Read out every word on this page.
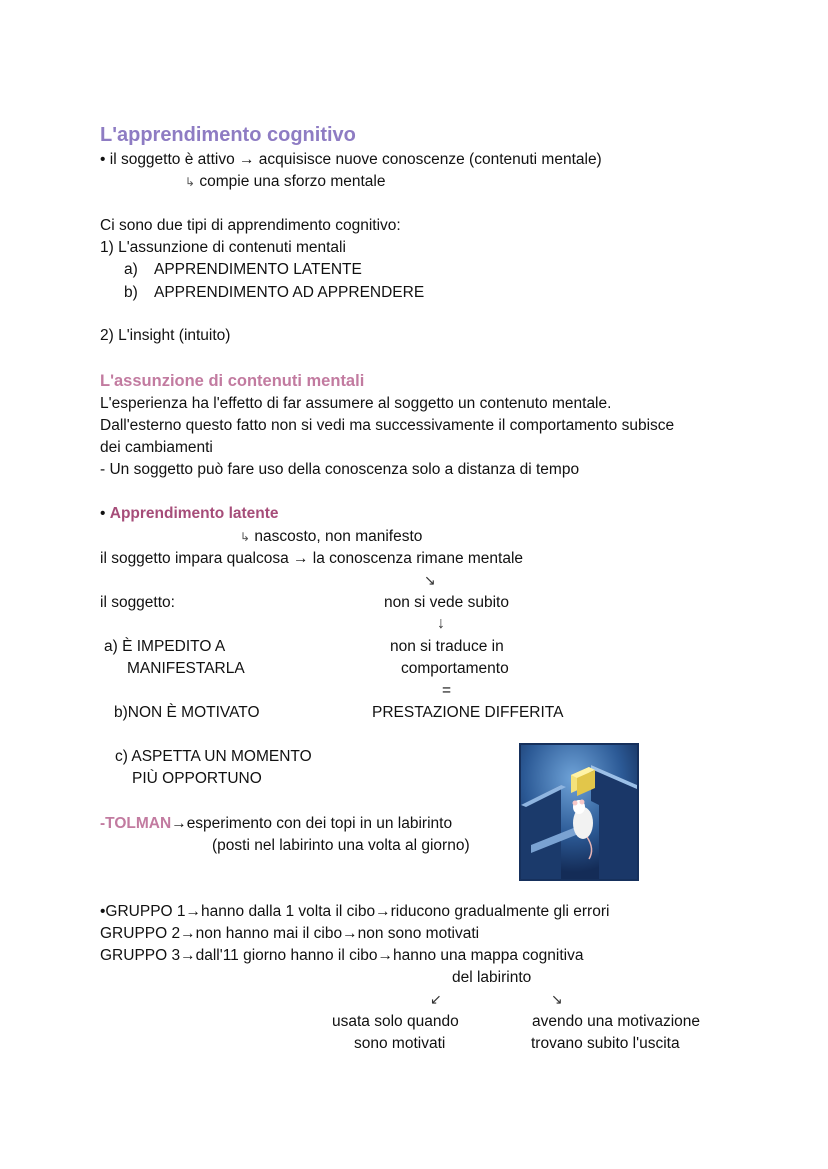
L'apprendimento cognitivo
• il soggetto è attivo → acquisisce nuove conoscenze (contenuti mentale)
↳ compie una sforzo mentale
Ci sono due tipi di apprendimento cognitivo:
1) L'assunzione di contenuti mentali
a) APPRENDIMENTO LATENTE
b) APPRENDIMENTO AD APPRENDERE
2) L'insight (intuito)
L'assunzione di contenuti mentali
L'esperienza ha l'effetto di far assumere al soggetto un contenuto mentale.
Dall'esterno questo fatto non si vedi ma successivamente il comportamento subisce
dei cambiamenti
- Un soggetto può fare uso della conoscenza solo a distanza di tempo
• Apprendimento latente
↳ nascosto, non manifesto
il soggetto impara qualcosa → la conoscenza rimane mentale
↘
il soggetto:	non si vede subito
↓
a) È IMPEDITO A	non si traduce in
MANIFESTARLA	comportamento
=
b)NON È MOTIVATO	PRESTAZIONE DIFFERITA
c) ASPETTA UN MOMENTO
PIÙ OPPORTUNO
-TOLMAN→esperimento con dei topi in un labirinto
(posti nel labirinto una volta al giorno)
•GRUPPO 1→hanno dalla 1 volta il cibo→riducono gradualmente gli errori
GRUPPO 2→non hanno mai il cibo→non sono motivati
GRUPPO 3→dall'11 giorno hanno il cibo→hanno una mappa cognitiva
del labirinto
↙	↘
usata solo quando
sono motivati
avendo una motivazione
trovano subito l'uscita
